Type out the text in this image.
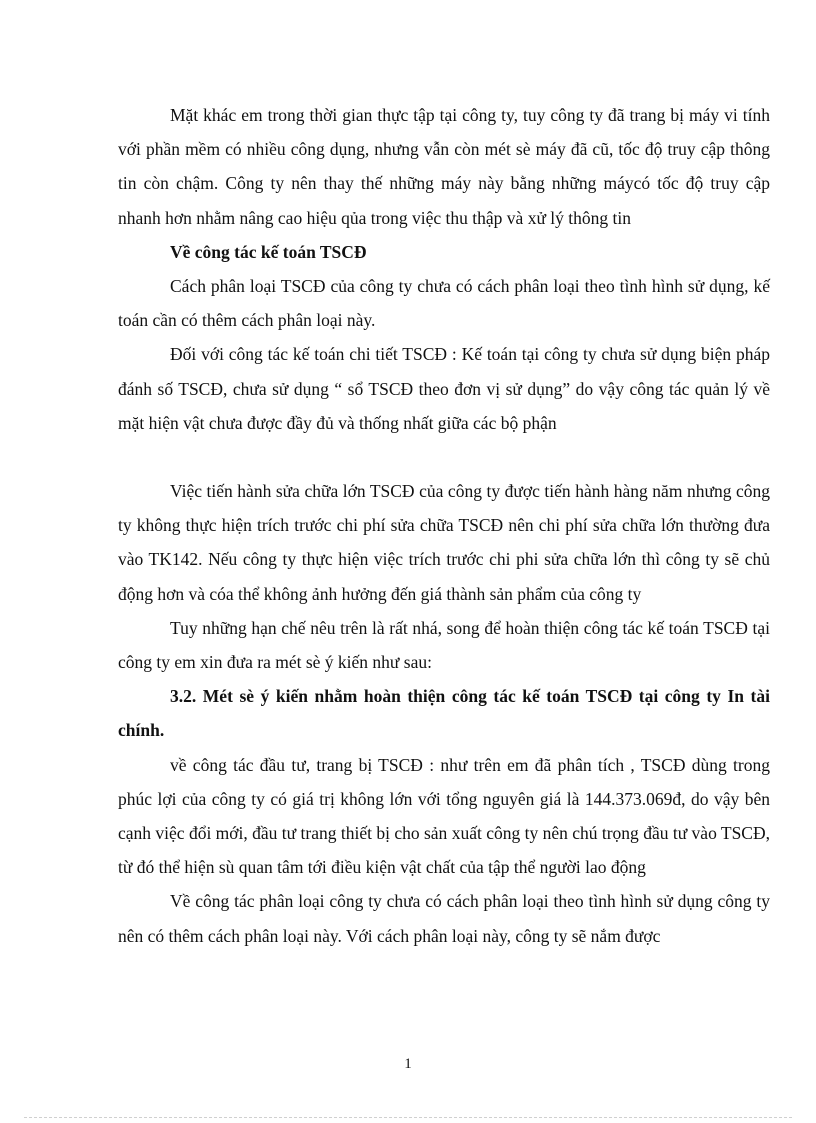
Mặt khác em trong thời gian thực tập tại công ty, tuy công ty đã trang bị máy vi tính với phần mềm có nhiều công dụng, nhưng vẫn còn mét sè máy đã cũ, tốc độ truy cập thông tin còn chậm. Công ty nên thay thế những máy này bằng những máycó tốc độ truy cập nhanh hơn nhằm nâng cao hiệu qủa trong việc thu thập và xử lý thông tin

Về công tác kế toán TSCĐ

Cách phân loại TSCĐ của công ty chưa có cách phân loại theo tình hình sử dụng, kế toán cần có thêm cách phân loại này.

Đối với công tác kế toán chi tiết TSCĐ : Kế toán tại công ty chưa sử dụng biện pháp đánh số TSCĐ, chưa sử dụng “ sổ TSCĐ theo đơn vị sử dụng” do vậy công tác quản lý về mặt hiện vật chưa được đầy đủ và thống nhất giữa các bộ phận

Việc tiến hành sửa chữa lớn TSCĐ của công ty được tiến hành hàng năm nhưng công ty không thực hiện trích trước chi phí sửa chữa TSCĐ nên chi phí sửa chữa lớn thường đưa vào TK142. Nếu công ty thực hiện việc trích trước chi phi sửa chữa lớn thì công ty sẽ chủ động hơn và cóa thể không ảnh hưởng đến giá thành sản phẩm của công ty

Tuy những hạn chế nêu trên là rất nhá, song để hoàn thiện công tác kế toán TSCĐ tại công ty em xin đưa ra mét sè ý kiến như sau:

3.2. Mét sè ý kiến nhằm hoàn thiện công tác kế toán TSCĐ tại công ty In tài chính.

về công tác đầu tư, trang bị TSCĐ : như trên em đã phân tích , TSCĐ dùng trong phúc lợi của công ty có giá trị không lớn với tổng nguyên giá là 144.373.069đ, do vậy bên cạnh việc đổi mới, đầu tư trang thiết bị cho sản xuất công ty nên chú trọng đầu tư vào TSCĐ, từ đó thể hiện sù quan tâm tới điều kiện vật chất của tập thể người lao động

Về công tác phân loại công ty chưa có cách phân loại theo tình hình sử dụng công ty nên có thêm cách phân loại này. Với cách phân loại này, công ty sẽ nắm được

1
